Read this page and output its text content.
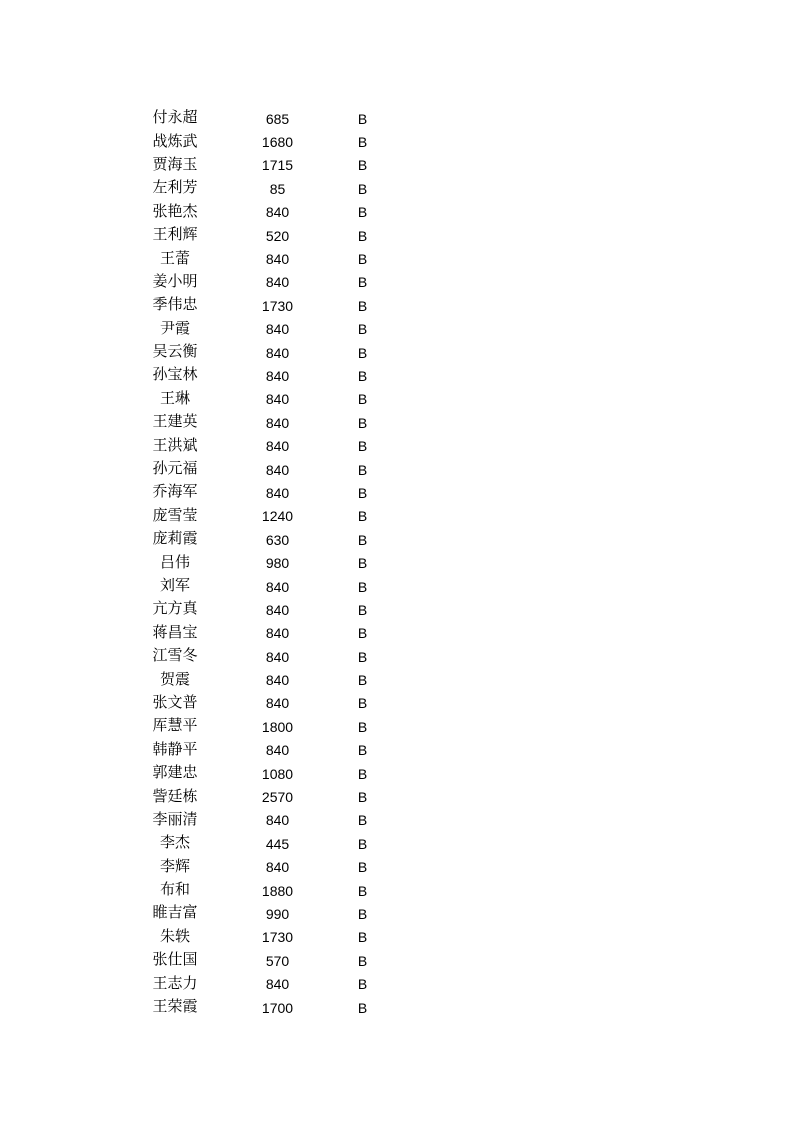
付永超	685	B
战炼武	1680	B
贾海玉	1715	B
左利芳	85	B
张艳杰	840	B
王利辉	520	B
王蕾	840	B
姜小明	840	B
季伟忠	1730	B
尹霞	840	B
吴云衡	840	B
孙宝林	840	B
王琳	840	B
王建英	840	B
王洪斌	840	B
孙元福	840	B
乔海军	840	B
庞雪莹	1240	B
庞莉霞	630	B
吕伟	980	B
刘军	840	B
亢方真	840	B
蒋昌宝	840	B
江雪冬	840	B
贺震	840	B
张文普	840	B
厍慧平	1800	B
韩静平	840	B
郭建忠	1080	B
訾廷栋	2570	B
李丽清	840	B
李杰	445	B
李辉	840	B
布和	1880	B
睢吉富	990	B
朱轶	1730	B
张仕国	570	B
王志力	840	B
王荣霞	1700	B
